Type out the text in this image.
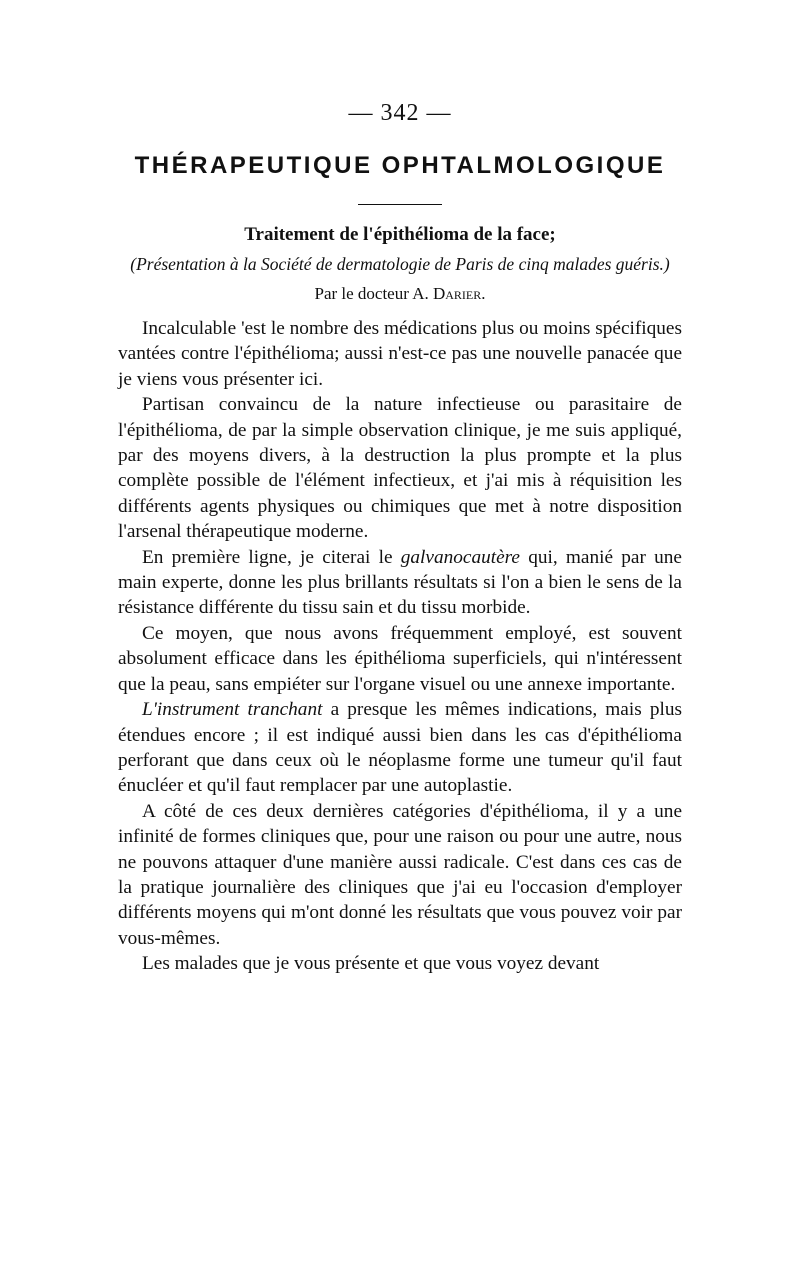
— 342 —
THÉRAPEUTIQUE OPHTALMOLOGIQUE
Traitement de l'épithélioma de la face;
(Présentation à la Société de dermatologie de Paris de cinq malades guéris.)
Par le docteur A. Darier.

Incalculable 'est le nombre des médications plus ou moins spécifiques vantées contre l'épithélioma; aussi n'est-ce pas une nouvelle panacée que je viens vous présenter ici.

Partisan convaincu de la nature infectieuse ou parasitaire de l'épithélioma, de par la simple observation clinique, je me suis appliqué, par des moyens divers, à la destruction la plus prompte et la plus complète possible de l'élément infectieux, et j'ai mis à réquisition les différents agents physiques ou chimiques que met à notre disposition l'arsenal thérapeutique moderne.

En première ligne, je citerai le galvanocautère qui, manié par une main experte, donne les plus brillants résultats si l'on a bien le sens de la résistance différente du tissu sain et du tissu morbide.

Ce moyen, que nous avons fréquemment employé, est souvent absolument efficace dans les épithélioma superficiels, qui n'intéressent que la peau, sans empiéter sur l'organe visuel ou une annexe importante.

L'instrument tranchant a presque les mêmes indications, mais plus étendues encore ; il est indiqué aussi bien dans les cas d'épithélioma perforant que dans ceux où le néoplasme forme une tumeur qu'il faut énucléer et qu'il faut remplacer par une autoplastie.

A côté de ces deux dernières catégories d'épithélioma, il y a une infinité de formes cliniques que, pour une raison ou pour une autre, nous ne pouvons attaquer d'une manière aussi radicale. C'est dans ces cas de la pratique journalière des cliniques que j'ai eu l'occasion d'employer différents moyens qui m'ont donné les résultats que vous pouvez voir par vous-mêmes.

Les malades que je vous présente et que vous voyez devant
